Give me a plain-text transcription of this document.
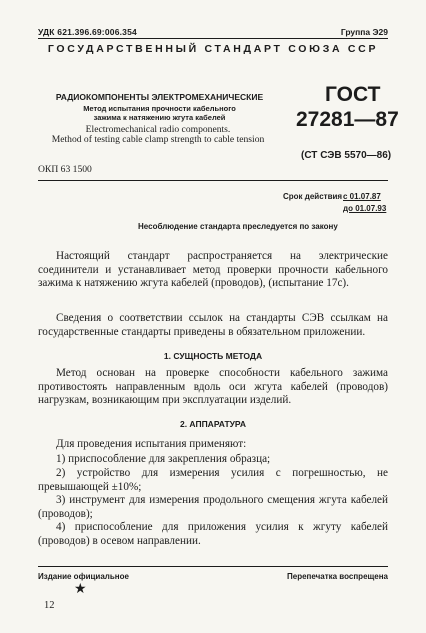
УДК 621.396.69:006.354	Группа Э29
ГОСУДАРСТВЕННЫЙ СТАНДАРТ СОЮЗА ССР
РАДИОКОМПОНЕНТЫ ЭЛЕКТРОМЕХАНИЧЕСКИЕ
Метод испытания прочности кабельного
зажима к натяжению жгута кабелей
Electromechanical radio components.
Method of testing cable clamp strength to cable tension
ГОСТ
27281—87
(СТ СЭВ 5570—86)
ОКП 63 1500
Срок действия с 01.07.87
до 01.07.93
Несоблюдение стандарта преследуется по закону

Настоящий стандарт распространяется на электрические соединители и устанавливает метод проверки прочности кабельного зажима к натяжению жгута кабелей (проводов), (испытание 17с).

Сведения о соответствии ссылок на стандарты СЭВ ссылкам на государственные стандарты приведены в обязательном приложении.

1. СУЩНОСТЬ МЕТОДА

Метод основан на проверке способности кабельного зажима противостоять направленным вдоль оси жгута кабелей (проводов) нагрузкам, возникающим при эксплуатации изделий.

2. АППАРАТУРА

Для проведения испытания применяют:

1) приспособление для закрепления образца;

2) устройство для измерения усилия с погрешностью, не превышающей ±10%;

3) инструмент для измерения продольного смещения жгута кабелей (проводов);

4) приспособление для приложения усилия к жгуту кабелей (проводов) в осевом направлении.

Издание официальное	Перепечатка воспрещена
★
12
